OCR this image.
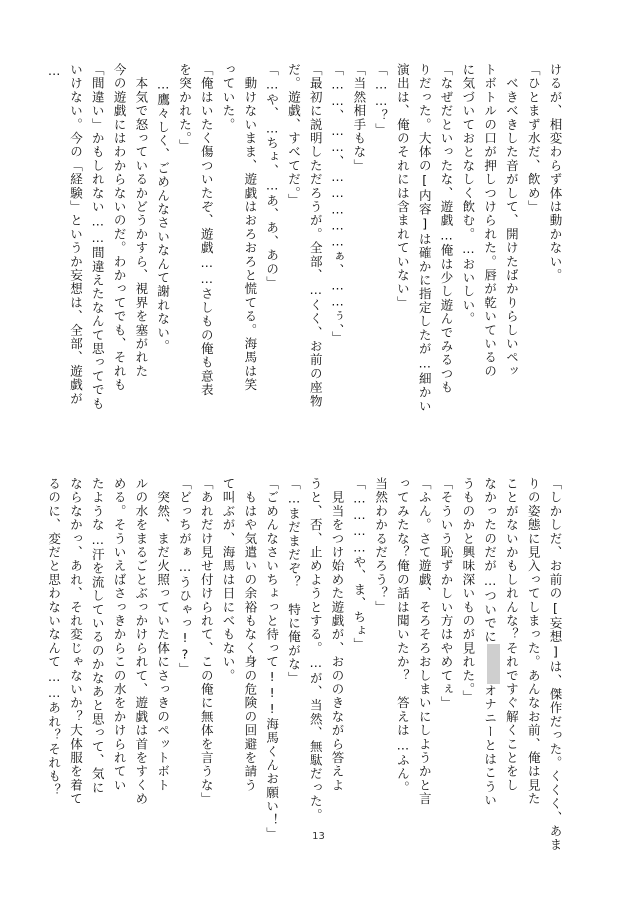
けるが、相変わらず体は動かない。
「ひとまず水だ、飲め」
　べきべきした音がして、開けたばかりらしいペッ
トボトルの口が押しつけられた。唇が乾いているの
に気づいておとなしく飲む。…おいしい。
「なぜだといったな、遊戯…俺は少し遊んでみるつも
りだった。大体の[内容]は確かに指定したが…細かい
演出は、俺のそれには含まれていない」
「……？」
「当然相手もな」
「……、……、……………ぁ、……ぅ、」
「最初に説明しただろうが。全部、…くく、お前の座物
だ。遊戯、すべてだ。」
「…や、…ちょ、…あ、あ、あの」
　動けないまま、遊戯はおろおろと慌てる。海馬は笑
っていた。
「俺はいたく傷ついたぞ、遊戯……さしもの俺も意表
を突かれた。」
　…鷹々しく、ごめんなさいなんて謝れない。
　本気で怒っているかどうかすら、視界を塞がれた
今の遊戯にはわからないのだ。わかってでも、それも
「間違い」かもしれない……間違えたなんて思ってでも
いけない。今の「経験」というか妄想は、全部、遊戯が
…
「しかしだ、お前の[妄想]は、傑作だった。くくく、あま
りの姿態に見入ってしまった。あんなお前、俺は見た
ことがないかもしれんな？それですぐ解くことをし
なかったのだが…ついでにオナニーとはこうい
うものかと興味深いものが見れた。」
「そういう恥ずかしい方はやめてぇ」
「ふん。さて遊戯、そろそろおしまいにしようかと言
ってみたな？俺の話は聞いたか？　答えは…ふん。
当然わかるだろう？」
「…………や、ま、ちょ」
　見当をつけ始めた遊戯が、おののきながら答えよ
うと、否、止めようとする。…が、当然、無駄だった。
「…まだまだぞ？　特に俺がな」
「ごめんなさいちょっと待って!!!海馬くんお願い！」
　もはや気遣いの余裕もなく身の危険の回避を請う
て叫ぶが、海馬は日にべもない。
「あれだけ見せ付けられて、この俺に無体を言うな」
「どっちがぁ…うひゃっ!?」
　突然、まだ火照っていた体にさっきのペットボト
ルの水をまるごとぶっかけられて、遊戯は首をすくめ
める。そういえばさっきからこの水をかけられてい
たような…汗を流しているのかなあと思って、気に
ならなかっ、あれ、それ変じゃないか？大体服を着て
るのに、変だと思わないなんて……あれ？それも？
13
